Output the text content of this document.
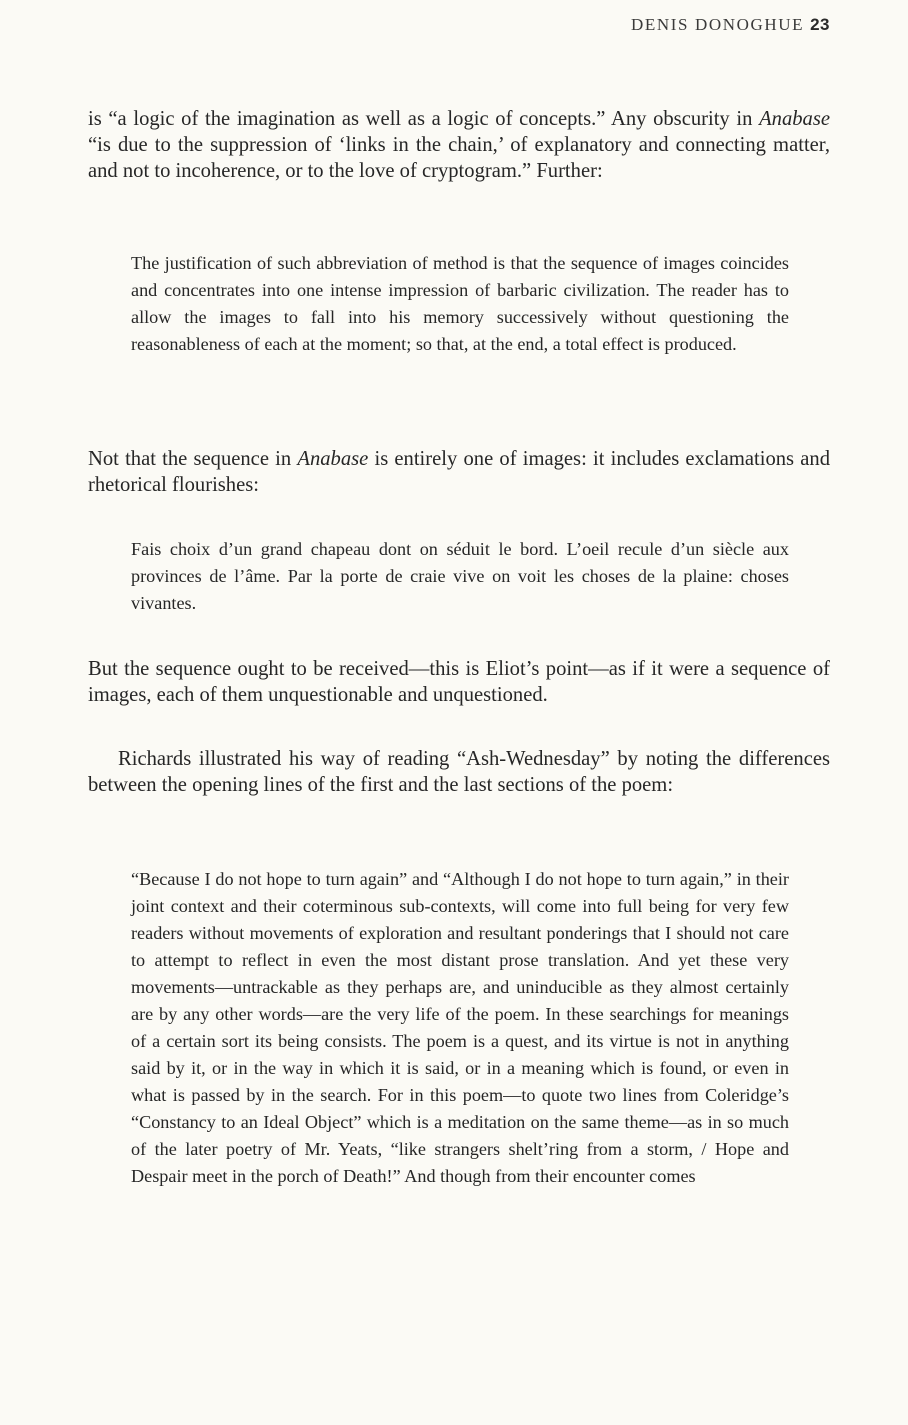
DENIS DONOGHUE 23

is “a logic of the imagination as well as a logic of concepts.” Any obscurity in Anabase “is due to the suppression of ‘links in the chain,’ of explanatory and connecting matter, and not to incoherence, or to the love of cryptogram.” Further:

The justification of such abbreviation of method is that the sequence of images coincides and concentrates into one intense impression of barbaric civilization. The reader has to allow the images to fall into his memory successively without questioning the reasonableness of each at the moment; so that, at the end, a total effect is produced.

Not that the sequence in Anabase is entirely one of images: it includes exclamations and rhetorical flourishes:

Fais choix d’un grand chapeau dont on séduit le bord. L’oeil recule d’un siècle aux provinces de l’âme. Par la porte de craie vive on voit les choses de la plaine: choses vivantes.

But the sequence ought to be received—this is Eliot’s point—as if it were a sequence of images, each of them unquestionable and unquestioned.

Richards illustrated his way of reading “Ash-Wednesday” by noting the differences between the opening lines of the first and the last sections of the poem:

“Because I do not hope to turn again” and “Although I do not hope to turn again,” in their joint context and their coterminous sub-contexts, will come into full being for very few readers without movements of exploration and resultant ponderings that I should not care to attempt to reflect in even the most distant prose translation. And yet these very movements—untrackable as they perhaps are, and uninducible as they almost certainly are by any other words—are the very life of the poem. In these searchings for meanings of a certain sort its being consists. The poem is a quest, and its virtue is not in anything said by it, or in the way in which it is said, or in a meaning which is found, or even in what is passed by in the search. For in this poem—to quote two lines from Coleridge’s “Constancy to an Ideal Object” which is a meditation on the same theme—as in so much of the later poetry of Mr. Yeats, “like strangers shelt’ring from a storm, / Hope and Despair meet in the porch of Death!” And though from their encounter comes
